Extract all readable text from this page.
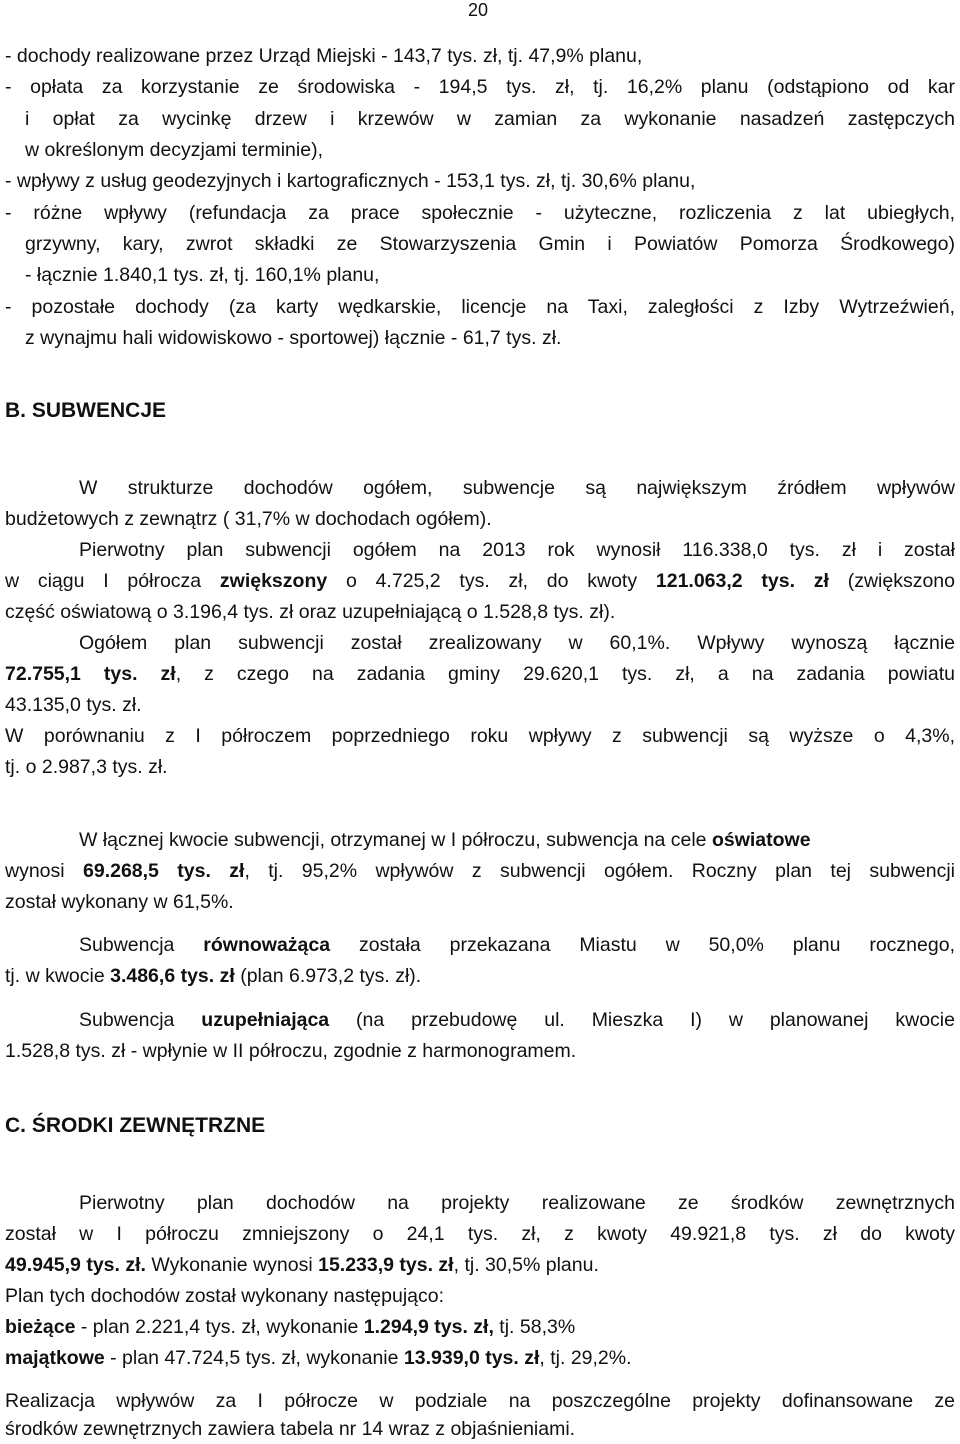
20
- dochody realizowane przez Urząd Miejski - 143,7 tys. zł, tj. 47,9% planu,
- opłata za korzystanie ze środowiska - 194,5 tys. zł, tj. 16,2% planu (odstąpiono od kar
i opłat za wycinkę drzew i krzewów w zamian za wykonanie nasadzeń zastępczych
w określonym decyzjami terminie),
- wpływy z usług geodezyjnych i kartograficznych - 153,1 tys. zł, tj. 30,6% planu,
- różne wpływy (refundacja za prace społecznie - użyteczne, rozliczenia z lat ubiegłych,
grzywny, kary, zwrot składki ze Stowarzyszenia Gmin i Powiatów Pomorza Środkowego)
- łącznie 1.840,1 tys. zł, tj. 160,1% planu,
- pozostałe dochody (za karty wędkarskie, licencje na Taxi, zaległości z Izby Wytrzeźwień,
z wynajmu hali widowiskowo - sportowej) łącznie - 61,7 tys. zł.
B. SUBWENCJE
W strukturze dochodów ogółem, subwencje są największym źródłem wpływów
budżetowych z zewnątrz ( 31,7% w dochodach ogółem).
Pierwotny plan subwencji ogółem na 2013 rok wynosił 116.338,0 tys. zł i został
w ciągu I półrocza zwiększony o 4.725,2 tys. zł, do kwoty 121.063,2 tys. zł (zwiększono
część oświatową o 3.196,4 tys. zł oraz uzupełniającą o 1.528,8 tys. zł).
Ogółem plan subwencji został zrealizowany w 60,1%. Wpływy wynoszą łącznie
72.755,1 tys. zł, z czego na zadania gminy 29.620,1 tys. zł, a na zadania powiatu
43.135,0 tys. zł.
W porównaniu z I półroczem poprzedniego roku wpływy z subwencji są wyższe o 4,3%,
tj. o 2.987,3 tys. zł.
W łącznej kwocie subwencji, otrzymanej w I półroczu, subwencja na cele oświatowe
wynosi 69.268,5 tys. zł, tj. 95,2% wpływów z subwencji ogółem. Roczny plan tej subwencji
został wykonany w 61,5%.
Subwencja równoważąca została przekazana Miastu w 50,0% planu rocznego,
tj. w kwocie 3.486,6 tys. zł (plan 6.973,2 tys. zł).
Subwencja uzupełniająca (na przebudowę ul. Mieszka I) w planowanej kwocie
1.528,8 tys. zł - wpłynie w II półroczu, zgodnie z harmonogramem.
C. ŚRODKI ZEWNĘTRZNE
Pierwotny plan dochodów na projekty realizowane ze środków zewnętrznych
został w I półroczu zmniejszony o 24,1 tys. zł, z kwoty 49.921,8 tys. zł do kwoty
49.945,9 tys. zł. Wykonanie wynosi 15.233,9 tys. zł, tj. 30,5% planu.
Plan tych dochodów został wykonany następująco:
bieżące - plan 2.221,4 tys. zł, wykonanie 1.294,9 tys. zł, tj. 58,3%
majątkowe - plan 47.724,5 tys. zł, wykonanie 13.939,0 tys. zł, tj. 29,2%.
Realizacja wpływów za I półrocze w podziale na poszczególne projekty dofinansowane ze
środków zewnętrznych zawiera tabela nr 14 wraz z objaśnieniami.
